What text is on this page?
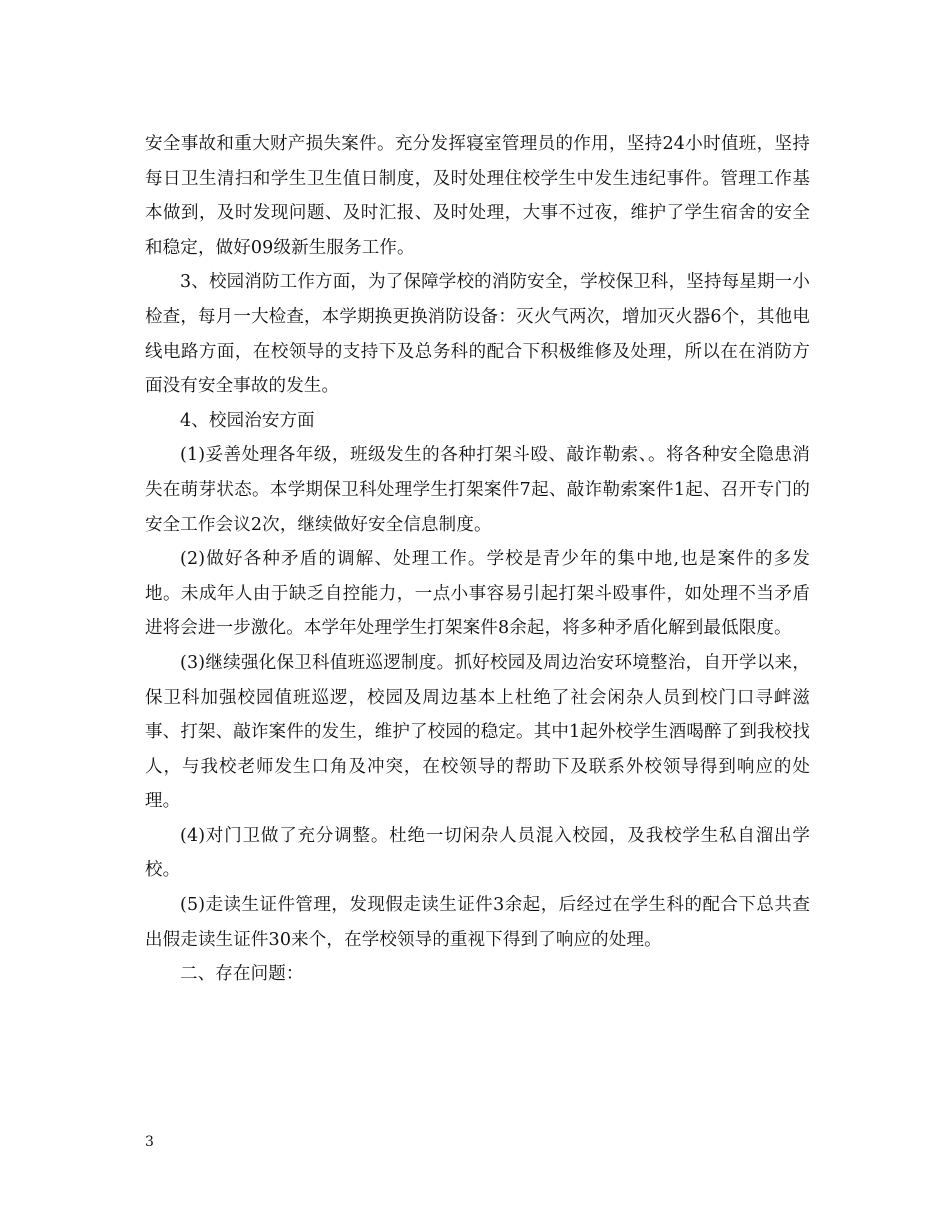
安全事故和重大财产损失案件。充分发挥寝室管理员的作用，坚持24小时值班，坚持每日卫生清扫和学生卫生值日制度，及时处理住校学生中发生违纪事件。管理工作基本做到，及时发现问题、及时汇报、及时处理，大事不过夜，维护了学生宿舍的安全和稳定，做好09级新生服务工作。

3、校园消防工作方面，为了保障学校的消防安全，学校保卫科，坚持每星期一小检查，每月一大检查，本学期换更换消防设备：灭火气两次，增加灭火器6个，其他电线电路方面，在校领导的支持下及总务科的配合下积极维修及处理，所以在在消防方面没有安全事故的发生。

4、校园治安方面

(1)妥善处理各年级，班级发生的各种打架斗殴、敲诈勒索、。将各种安全隐患消失在萌芽状态。本学期保卫科处理学生打架案件7起、敲诈勒索案件1起、召开专门的安全工作会议2次，继续做好安全信息制度。

(2)做好各种矛盾的调解、处理工作。学校是青少年的集中地,也是案件的多发地。未成年人由于缺乏自控能力，一点小事容易引起打架斗殴事件，如处理不当矛盾进将会进一步激化。本学年处理学生打架案件8余起，将多种矛盾化解到最低限度。

(3)继续强化保卫科值班巡逻制度。抓好校园及周边治安环境整治，自开学以来，保卫科加强校园值班巡逻，校园及周边基本上杜绝了社会闲杂人员到校门口寻衅滋事、打架、敲诈案件的发生，维护了校园的稳定。其中1起外校学生酒喝醉了到我校找人，与我校老师发生口角及冲突，在校领导的帮助下及联系外校领导得到响应的处理。

(4)对门卫做了充分调整。杜绝一切闲杂人员混入校园，及我校学生私自溜出学校。

(5)走读生证件管理，发现假走读生证件3余起，后经过在学生科的配合下总共查出假走读生证件30来个，在学校领导的重视下得到了响应的处理。

二、存在问题：

3
